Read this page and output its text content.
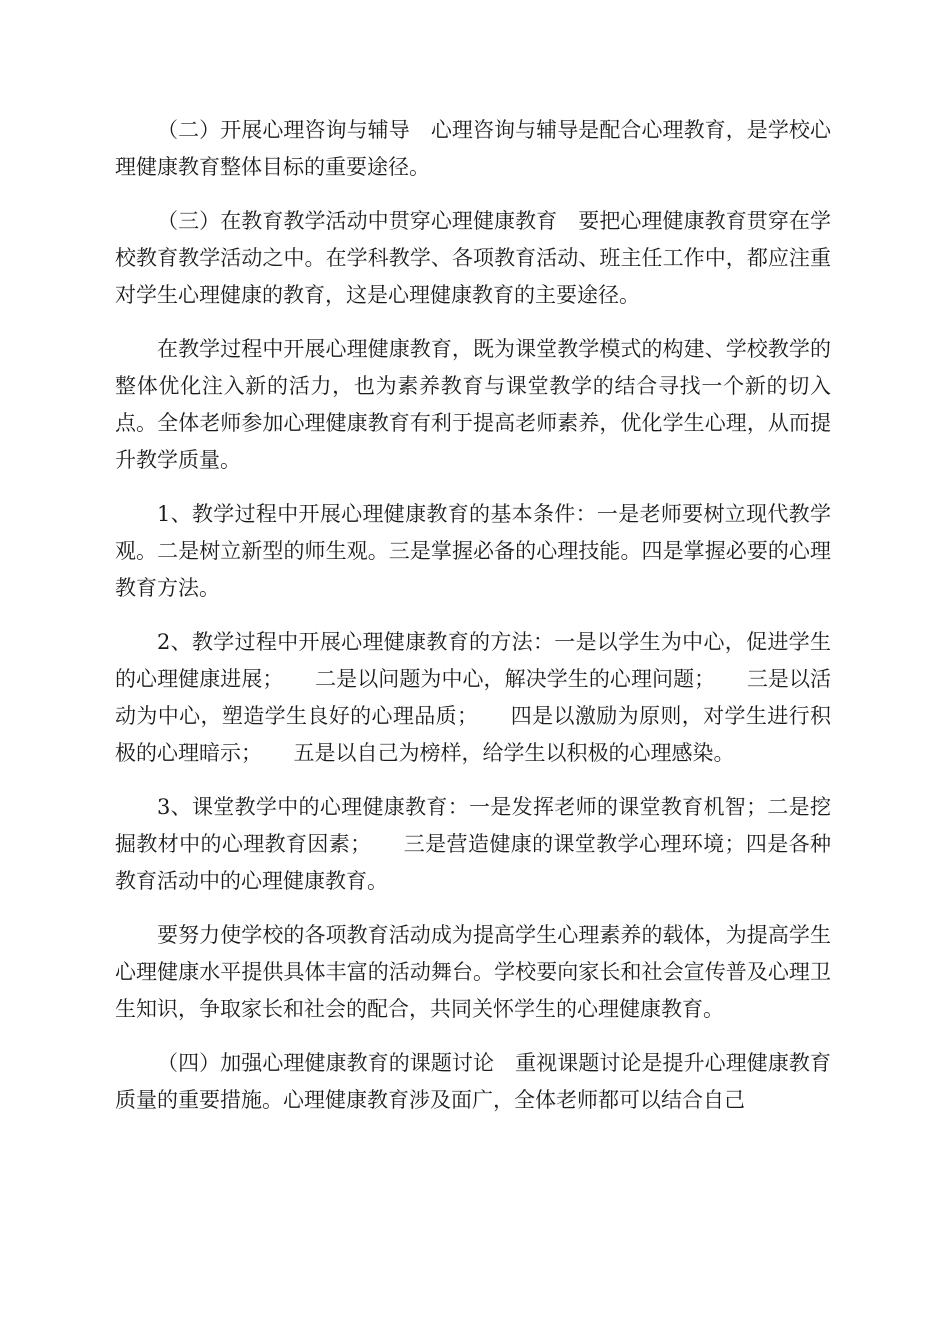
（二）开展心理咨询与辅导　心理咨询与辅导是配合心理教育，是学校心理健康教育整体目标的重要途径。

（三）在教育教学活动中贯穿心理健康教育　要把心理健康教育贯穿在学校教育教学活动之中。在学科教学、各项教育活动、班主任工作中，都应注重对学生心理健康的教育，这是心理健康教育的主要途径。

在教学过程中开展心理健康教育，既为课堂教学模式的构建、学校教学的整体优化注入新的活力，也为素养教育与课堂教学的结合寻找一个新的切入点。全体老师参加心理健康教育有利于提高老师素养，优化学生心理，从而提升教学质量。

1、教学过程中开展心理健康教育的基本条件：一是老师要树立现代教学观。二是树立新型的师生观。三是掌握必备的心理技能。四是掌握必要的心理教育方法。

2、教学过程中开展心理健康教育的方法：一是以学生为中心，促进学生的心理健康进展；　　二是以问题为中心，解决学生的心理问题；　　三是以活动为中心，塑造学生良好的心理品质；　　四是以激励为原则，对学生进行积极的心理暗示；　　五是以自己为榜样，给学生以积极的心理感染。

3、课堂教学中的心理健康教育：一是发挥老师的课堂教育机智；二是挖掘教材中的心理教育因素；　　三是营造健康的课堂教学心理环境；四是各种教育活动中的心理健康教育。

要努力使学校的各项教育活动成为提高学生心理素养的载体，为提高学生心理健康水平提供具体丰富的活动舞台。学校要向家长和社会宣传普及心理卫生知识，争取家长和社会的配合，共同关怀学生的心理健康教育。

（四）加强心理健康教育的课题讨论　重视课题讨论是提升心理健康教育质量的重要措施。心理健康教育涉及面广，全体老师都可以结合自己
